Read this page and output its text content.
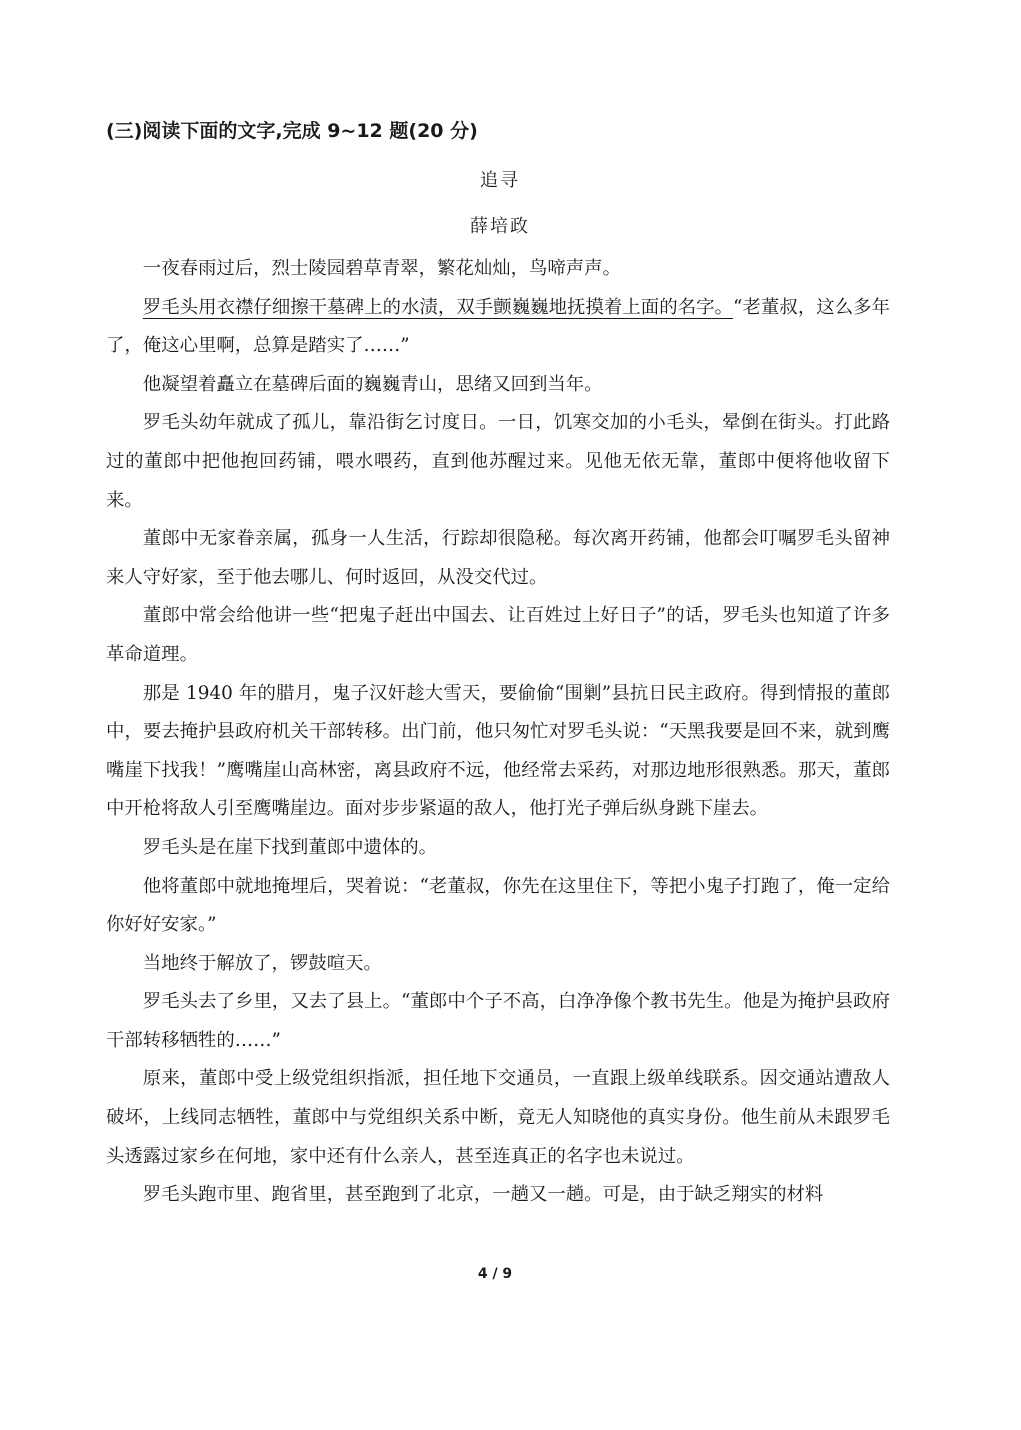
(三)阅读下面的文字,完成 9~12 题(20 分)
追寻
薛培政

一夜春雨过后，烈士陵园碧草青翠，繁花灿灿，鸟啼声声。

罗毛头用衣襟仔细擦干墓碑上的水渍，双手颤巍巍地抚摸着上面的名字。“老董叔，这么多年了，俺这心里啊，总算是踏实了……”

他凝望着矗立在墓碑后面的巍巍青山，思绪又回到当年。

罗毛头幼年就成了孤儿，靠沿街乞讨度日。一日，饥寒交加的小毛头，晕倒在街头。打此路过的董郎中把他抱回药铺，喂水喂药，直到他苏醒过来。见他无依无靠，董郎中便将他收留下来。

董郎中无家眷亲属，孤身一人生活，行踪却很隐秘。每次离开药铺，他都会叮嘱罗毛头留神来人守好家，至于他去哪儿、何时返回，从没交代过。

董郎中常会给他讲一些“把鬼子赶出中国去、让百姓过上好日子”的话，罗毛头也知道了许多革命道理。

那是 1940 年的腊月，鬼子汉奸趁大雪天，要偷偷“围剿”县抗日民主政府。得到情报的董郎中，要去掩护县政府机关干部转移。出门前，他只匆忙对罗毛头说：“天黑我要是回不来，就到鹰嘴崖下找我！”鹰嘴崖山高林密，离县政府不远，他经常去采药，对那边地形很熟悉。那天，董郎中开枪将敌人引至鹰嘴崖边。面对步步紧逼的敌人，他打光子弹后纵身跳下崖去。

罗毛头是在崖下找到董郎中遗体的。

他将董郎中就地掩埋后，哭着说：“老董叔，你先在这里住下，等把小鬼子打跑了，俺一定给你好好安家。”

当地终于解放了，锣鼓喧天。

罗毛头去了乡里，又去了县上。“董郎中个子不高，白净净像个教书先生。他是为掩护县政府干部转移牺牲的……”

原来，董郎中受上级党组织指派，担任地下交通员，一直跟上级单线联系。因交通站遭敌人破坏，上线同志牺牲，董郎中与党组织关系中断，竟无人知晓他的真实身份。他生前从未跟罗毛头透露过家乡在何地，家中还有什么亲人，甚至连真正的名字也未说过。

罗毛头跑市里、跑省里，甚至跑到了北京，一趟又一趟。可是，由于缺乏翔实的材料

4 / 9
